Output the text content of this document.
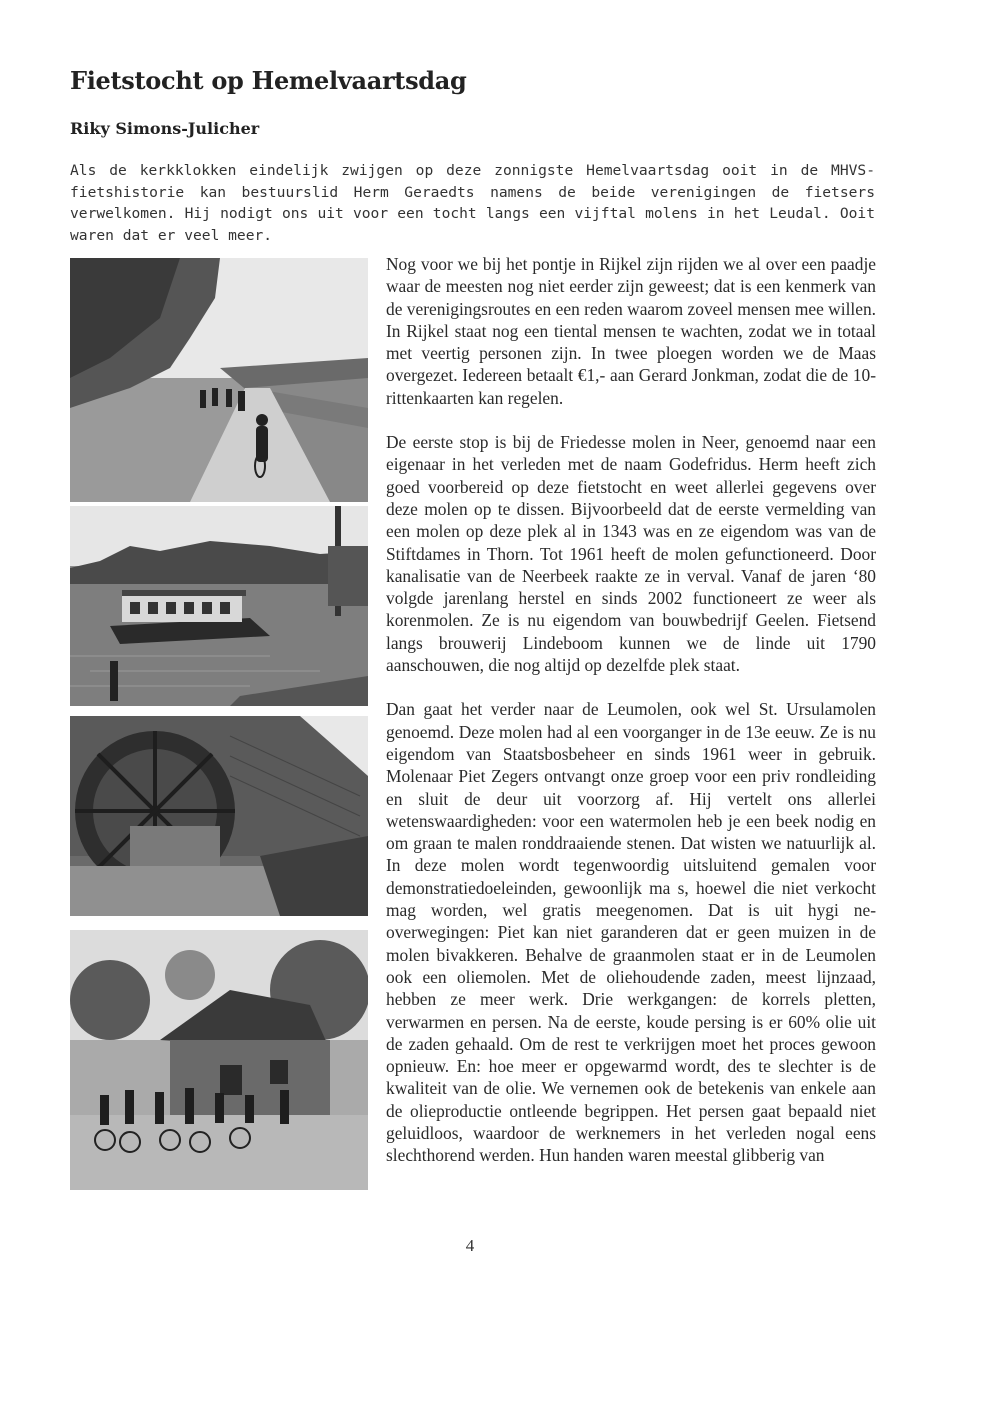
Fietstocht op Hemelvaartsdag
Riky Simons-Julicher

Als de kerkklokken eindelijk zwijgen op deze zonnigste Hemelvaartsdag ooit in de MHVS-fietshistorie kan bestuurslid Herm Geraedts namens de beide verenigingen de fietsers verwelkomen. Hij nodigt ons uit voor een tocht langs een vijftal molens in het Leudal. Ooit waren dat er veel meer.

Nog voor we bij het pontje in Rijkel zijn rijden we al over een paadje waar de meesten nog niet eerder zijn geweest; dat is een kenmerk van de verenigingsroutes en een reden waarom zoveel mensen mee willen. In Rijkel staat nog een tiental mensen te wachten, zodat we in totaal met veertig personen zijn. In twee ploegen worden we de Maas overgezet. Iedereen betaalt €1,- aan Gerard Jonkman, zodat die de 10-rittenkaarten kan regelen.

De eerste stop is bij de Friedesse molen in Neer, genoemd naar een eigenaar in het verleden met de naam Godefridus. Herm heeft zich goed voorbereid op deze fietstocht en weet allerlei gegevens over deze molen op te dissen. Bijvoorbeeld dat de eerste vermelding van een molen op deze plek al in 1343 was en ze eigendom was van de Stiftdames in Thorn. Tot 1961 heeft de molen gefunctioneerd. Door kanalisatie van de Neerbeek raakte ze in verval. Vanaf de jaren ‘80 volgde jarenlang herstel en sinds 2002 functioneert ze weer als korenmolen. Ze is nu eigendom van bouwbedrijf Geelen. Fietsend langs brouwerij Lindeboom kunnen we de linde uit 1790 aanschouwen, die nog altijd op dezelfde plek staat.

Dan gaat het verder naar de Leumolen, ook wel St. Ursulamolen genoemd. Deze molen had al een voorganger in de 13e eeuw. Ze is nu eigendom van Staatsbosbeheer en sinds 1961 weer in gebruik. Molenaar Piet Zegers ontvangt onze groep voor een priv rondleiding en sluit de deur uit voorzorg af. Hij vertelt ons allerlei wetenswaardigheden: voor een watermolen heb je een beek nodig en om graan te malen ronddraaiende stenen. Dat wisten we natuurlijk al. In deze molen wordt tegenwoordig uitsluitend gemalen voor demonstratiedoeleinden, gewoonlijk ma s, hoewel die niet verkocht mag worden, wel gratis meegenomen. Dat is uit hygi ne-overwegingen: Piet kan niet garanderen dat er geen muizen in de molen bivakkeren. Behalve de graanmolen staat er in de Leumolen ook een oliemolen. Met de oliehoudende zaden, meest lijnzaad, hebben ze meer werk. Drie werkgangen: de korrels pletten, verwarmen en persen. Na de eerste, koude persing is er 60% olie uit de zaden gehaald. Om de rest te verkrijgen moet het proces gewoon opnieuw. En: hoe meer er opgewarmd wordt, des te slechter is de kwaliteit van de olie. We vernemen ook de betekenis van enkele aan de olieproductie ontleende begrippen. Het persen gaat bepaald niet geluidloos, waardoor de werknemers in het verleden nogal eens slechthorend werden. Hun handen waren meestal glibberig van

4
